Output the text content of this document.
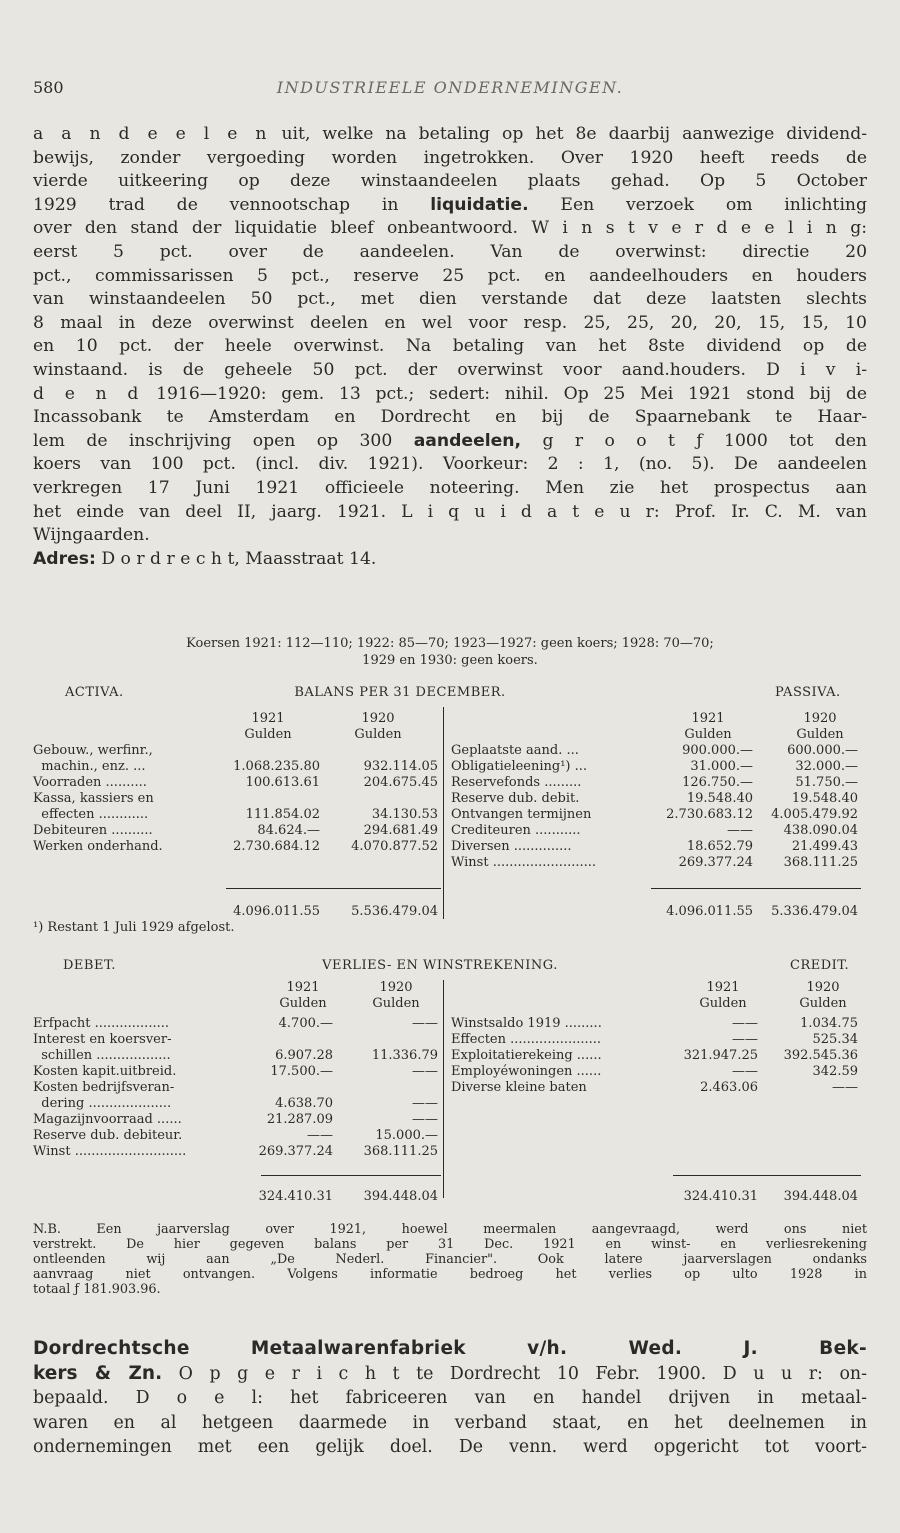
580	INDUSTRIEELE ONDERNEMINGEN.
a a n d e e l e n uit, welke na betaling op het 8e daarbij aanwezige dividend-
bewijs, zonder vergoeding worden ingetrokken. Over 1920 heeft reeds de
vierde uitkeering op deze winstaandeelen plaats gehad. Op 5 October
1929 trad de vennootschap in liquidatie. Een verzoek om inlichting
over den stand der liquidatie bleef onbeantwoord. W i n s t v e r d e e l i n g:
eerst 5 pct. over de aandeelen. Van de overwinst: directie 20
pct., commissarissen 5 pct., reserve 25 pct. en aandeelhouders en houders
van winstaandeelen 50 pct., met dien verstande dat deze laatsten slechts
8 maal in deze overwinst deelen en wel voor resp. 25, 25, 20, 20, 15, 15, 10
en 10 pct. der heele overwinst. Na betaling van het 8ste dividend op de
winstaand. is de geheele 50 pct. der overwinst voor aand.houders. D i v i-
d e n d 1916—1920: gem. 13 pct.; sedert: nihil. Op 25 Mei 1921 stond bij de
Incassobank te Amsterdam en Dordrecht en bij de Spaarnebank te Haar-
lem de inschrijving open op 300 aandeelen, g r o o t ƒ 1000 tot den
koers van 100 pct. (incl. div. 1921). Voorkeur: 2 : 1, (no. 5). De aandeelen
verkregen 17 Juni 1921 officieele noteering. Men zie het prospectus aan
het einde van deel II, jaarg. 1921. L i q u i d a t e u r: Prof. Ir. C. M. van
Wijngaarden.
Adres: D o r d r e c h t, Maasstraat 14.
Koersen 1921: 112—110; 1922: 85—70; 1923—1927: geen koers; 1928: 70—70;
1929 en 1930: geen koers.
ACTIVA.	BALANS PER 31 DECEMBER.	PASSIVA.
1921	1920
Gulden	Gulden
1921	1920
Gulden	Gulden
Gebouw., werfinr.,
machin., enz. ...	1.068.235.80	932.114.05
Voorraden ..........	100.613.61	204.675.45
Kassa, kassiers en
effecten ............	111.854.02	34.130.53
Debiteuren ..........	84.624.—	294.681.49
Werken onderhand.	2.730.684.12	4.070.877.52
Geplaatste aand. ...	900.000.—	600.000.—
Obligatieleening¹) ...	31.000.—	32.000.—
Reservefonds .........	126.750.—	51.750.—
Reserve dub. debit.	19.548.40	19.548.40
Ontvangen termijnen	2.730.683.12	4.005.479.92
Crediteuren ...........	——	438.090.04
Diversen ..............	18.652.79	21.499.43
Winst .........................	269.377.24	368.111.25
4.096.011.55	5.536.479.04	4.096.011.55	5.336.479.04
¹) Restant 1 Juli 1929 afgelost.
DEBET.	VERLIES- EN WINSTREKENING.	CREDIT.
1921	1920
Gulden	Gulden
1921	1920
Gulden	Gulden
Erfpacht ..................	4.700.—	——
Interest en koersver-
schillen ..................	6.907.28	11.336.79
Kosten kapit.uitbreid.	17.500.—	——
Kosten bedrijfsveran-
dering ....................	4.638.70	——
Magazijnvoorraad ......	21.287.09	——
Reserve dub. debiteur.	——	15.000.—
Winst ...........................	269.377.24	368.111.25
Winstsaldo 1919 .........	——	1.034.75
Effecten ......................	——	525.34
Exploitatierekeing ......	321.947.25	392.545.36
Employéwoningen ......	——	342.59
Diverse kleine baten	2.463.06	——
324.410.31	394.448.04	324.410.31	394.448.04
N.B. Een jaarverslag over 1921, hoewel meermalen aangevraagd, werd ons niet
verstrekt. De hier gegeven balans per 31 Dec. 1921 en winst- en verliesrekening
ontleenden wij aan „De Nederl. Financier". Ook latere jaarverslagen ondanks
aanvraag niet ontvangen. Volgens informatie bedroeg het verlies op ulto 1928 in
totaal ƒ 181.903.96.
Dordrechtsche Metaalwarenfabriek v/h. Wed. J. Bek-
kers & Zn. O p g e r i c h t te Dordrecht 10 Febr. 1900. D u u r: on-
bepaald. D o e l: het fabriceeren van en handel drijven in metaal-
waren en al hetgeen daarmede in verband staat, en het deelnemen in
ondernemingen met een gelijk doel. De venn. werd opgericht tot voort-
